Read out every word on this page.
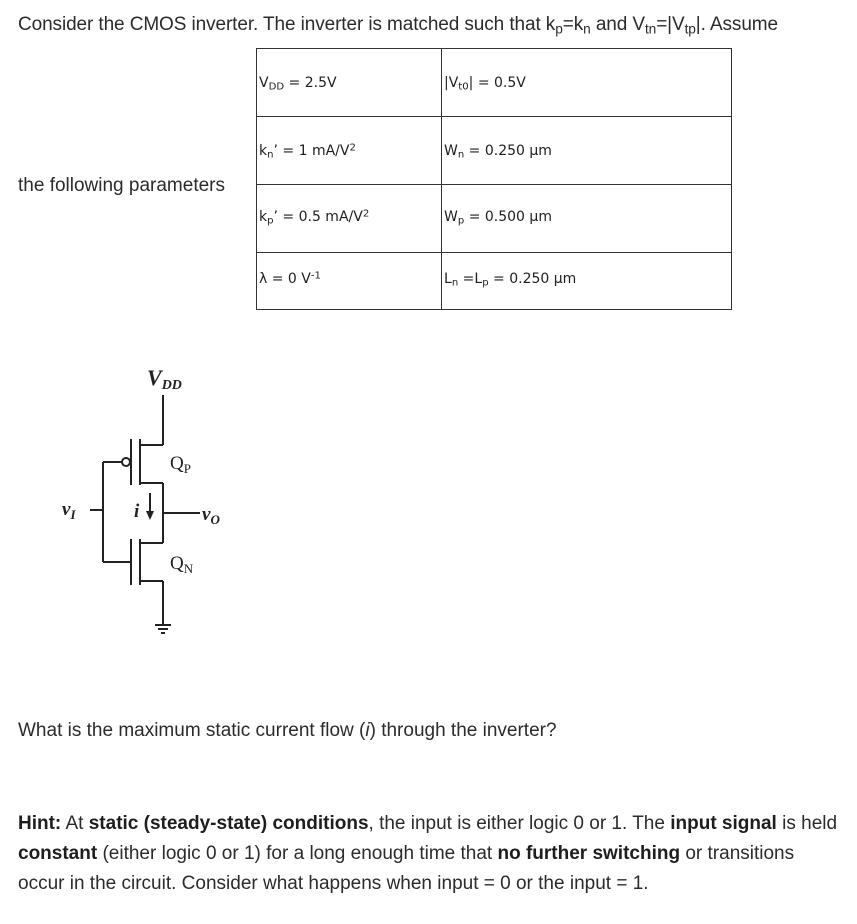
Consider the CMOS inverter. The inverter is matched such that $k_p=k_n$ and $V_{tn}=|V_{tp}|$. Assume
the following parameters
$V_{DD} = 2.5V$	$|V_{t0}| = 0.5V$
$k_n$’ = 1 $mA/V^2$	$W_n = 0.250$ µm
$k_p$’ = 0.5 $mA/V^2$	$W_p = 0.500$ µm
λ = 0 $V^{-1}$	$L_n =L_p = 0.250$ µm
VDD
$Q_P$
$Q_N$
$v_I$	$v_O$
i
What is the maximum static current flow (i) through the inverter?
Hint: At static (steady-state) conditions, the input is either logic 0 or 1. The input signal is held constant (either logic 0 or 1) for a long enough time that no further switching or transitions occur in the circuit. Consider what happens when input = 0 or the input = 1.
